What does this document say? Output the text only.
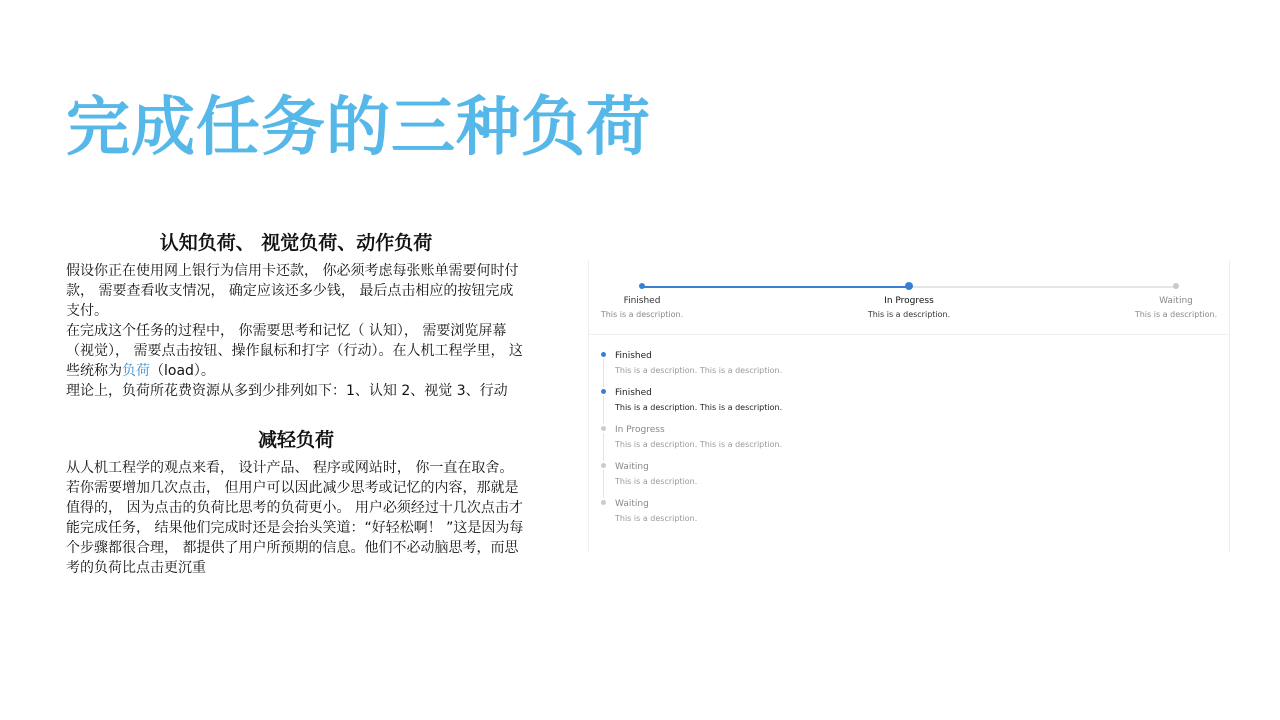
完成任务的三种负荷
认知负荷、 视觉负荷、动作负荷

假设你正在使用网上银行为信用卡还款， 你必须考虑每张账单需要何时付款， 需要查看收支情况， 确定应该还多少钱， 最后点击相应的按钮完成支付。

在完成这个任务的过程中， 你需要思考和记忆（ 认知）， 需要浏览屏幕（视觉）， 需要点击按钮、操作鼠标和打字（行动）。在人机工程学里， 这些统称为负荷（load）。

理论上，负荷所花费资源从多到少排列如下：1、认知 2、视觉 3、行动

减轻负荷

从人机工程学的观点来看， 设计产品、 程序或网站时， 你一直在取舍。 若你需要增加几次点击， 但用户可以因此减少思考或记忆的内容，那就是值得的， 因为点击的负荷比思考的负荷更小。 用户必须经过十几次点击才能完成任务， 结果他们完成时还是会抬头笑道：“好轻松啊！ ”这是因为每个步骤都很合理， 都提供了用户所预期的信息。他们不必动脑思考，而思考的负荷比点击更沉重

Finished
This is a description.
In Progress
This is a description.
Waiting
This is a description.
Finished
This is a description. This is a description.
Finished
This is a description. This is a description.
In Progress
This is a description. This is a description.
Waiting
This is a description.
Waiting
This is a description.
